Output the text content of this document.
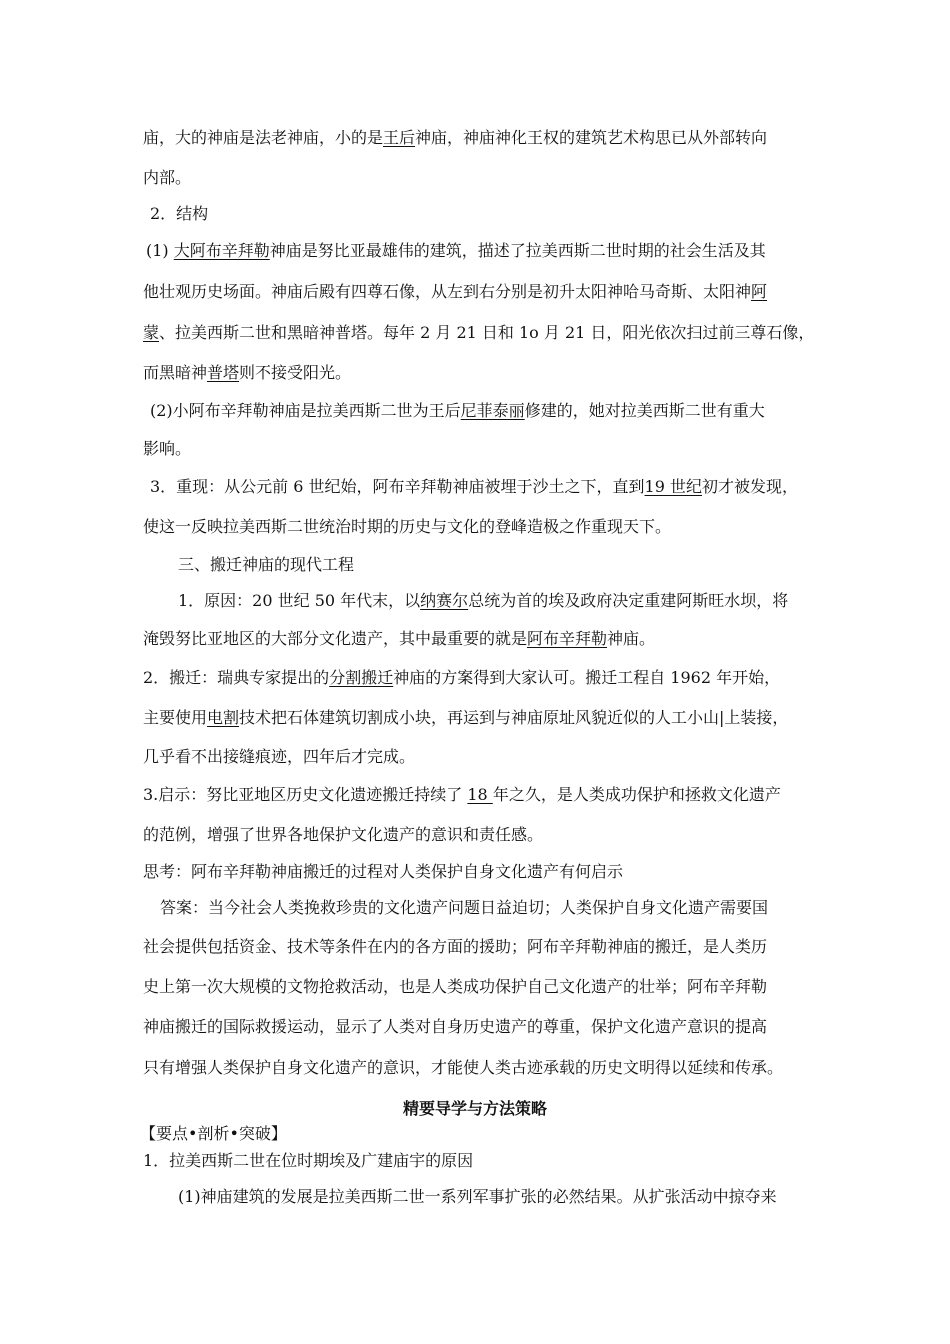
庙，大的神庙是法老神庙，小的是王后神庙，神庙神化王权的建筑艺术构思已从外部转向
内部。
2．结构
(1) 大阿布辛拜勒神庙是努比亚最雄伟的建筑，描述了拉美西斯二世时期的社会生活及其
他壮观历史场面。神庙后殿有四尊石像，从左到右分别是初升太阳神哈马奇斯、太阳神阿
蒙、拉美西斯二世和黑暗神普塔。每年 2 月 21 日和 1o 月 21 日，阳光依次扫过前三尊石像，
而黑暗神普塔则不接受阳光。
(2)小阿布辛拜勒神庙是拉美西斯二世为王后尼菲泰丽修建的，她对拉美西斯二世有重大
影响。
3．重现：从公元前 6 世纪始，阿布辛拜勒神庙被埋于沙土之下，直到19 世纪初才被发现，
使这一反映拉美西斯二世统治时期的历史与文化的登峰造极之作重现天下。
三、搬迁神庙的现代工程
1．原因：20 世纪 50 年代末，以纳赛尔总统为首的埃及政府决定重建阿斯旺水坝，将
淹毁努比亚地区的大部分文化遗产，其中最重要的就是阿布辛拜勒神庙。
2．搬迁：瑞典专家提出的分割搬迁神庙的方案得到大家认可。搬迁工程自 1962 年开始，
主要使用电割技术把石体建筑切割成小块，再运到与神庙原址风貌近似的人工小山|上装接，
几乎看不出接缝痕迹，四年后才完成。
3.启示：努比亚地区历史文化遗迹搬迁持续了 18 年之久，是人类成功保护和拯救文化遗产
的范例，增强了世界各地保护文化遗产的意识和责任感。
思考：阿布辛拜勒神庙搬迁的过程对人类保护自身文化遗产有何启示
答案：当今社会人类挽救珍贵的文化遗产问题日益迫切；人类保护自身文化遗产需要国
社会提供包括资金、技术等条件在内的各方面的援助；阿布辛拜勒神庙的搬迁，是人类历
史上第一次大规模的文物抢救活动，也是人类成功保护自己文化遗产的壮举；阿布辛拜勒
神庙搬迁的国际救援运动，显示了人类对自身历史遗产的尊重，保护文化遗产意识的提高
只有增强人类保护自身文化遗产的意识，才能使人类古迹承载的历史文明得以延续和传承。
精要导学与方法策略
【要点•剖析•突破】
1．拉美西斯二世在位时期埃及广建庙宇的原因
(1)神庙建筑的发展是拉美西斯二世一系列军事扩张的必然结果。从扩张活动中掠夺来
